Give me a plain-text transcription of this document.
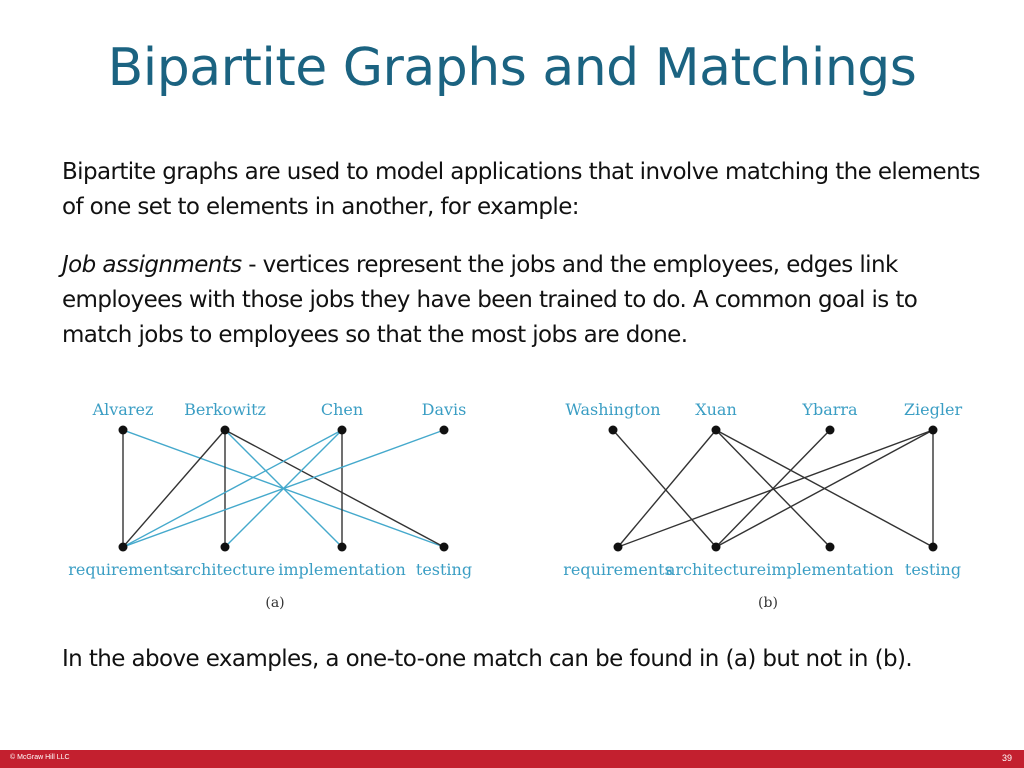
Bipartite Graphs and Matchings
Bipartite graphs are used to model applications that involve matching the elements of one set to elements in another, for example:
Job assignments - vertices represent the jobs and the employees, edges link employees with those jobs they have been trained to do. A common goal is to match jobs to employees so that the most jobs are done.
Alvarez Berkowitz	Chen	Davis
requirements
architecture implementation testing
(a)
Washington Xuan	Ybarra	Ziegler
requirements
architecture implementation testing
(b)
In the above examples, a one-to-one match can be found in (a) but not in (b).
© McGraw Hill LLC	39
